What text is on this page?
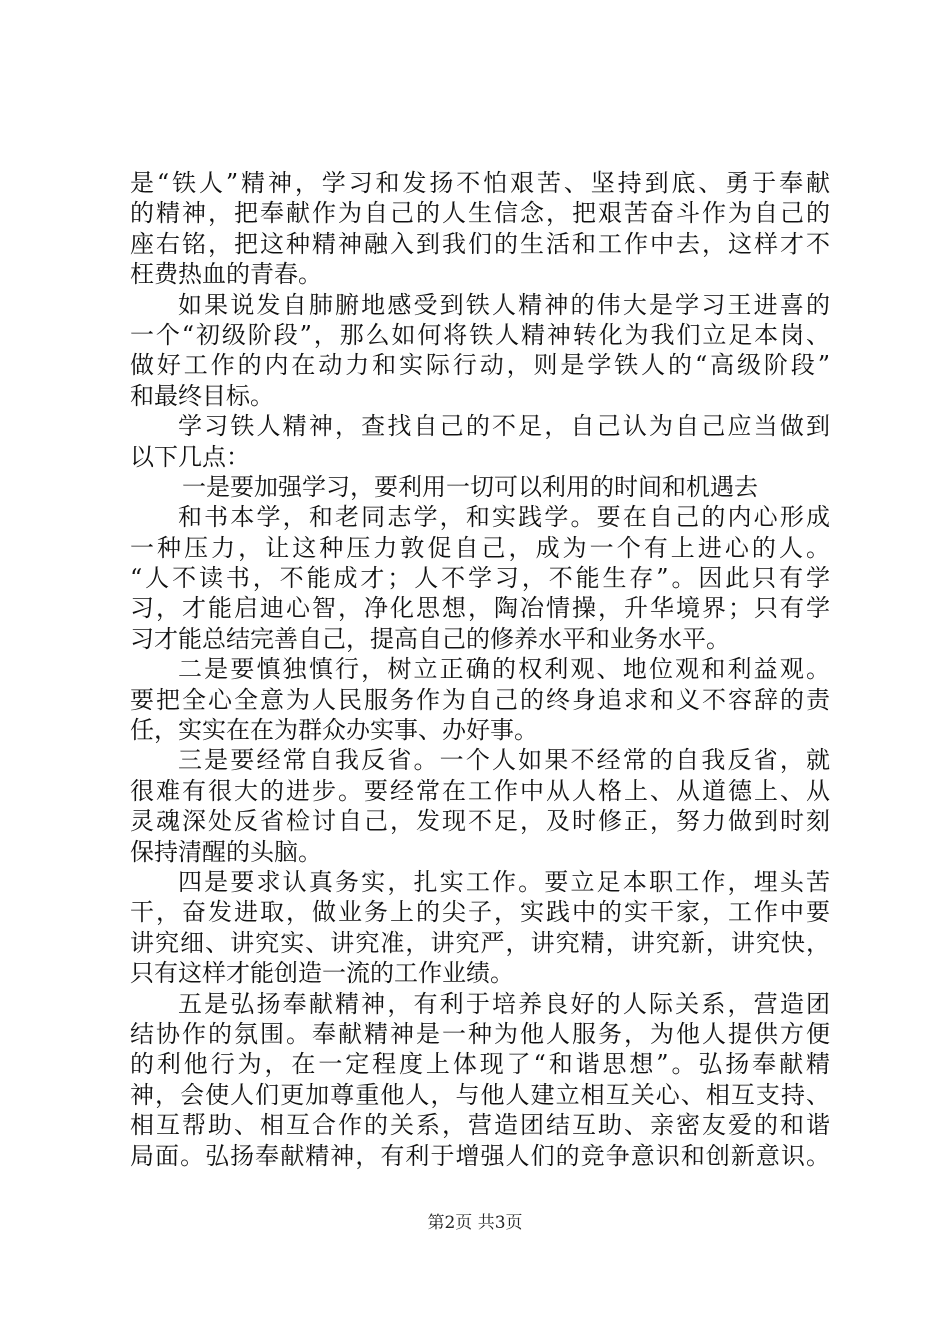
是“铁人”精神，学习和发扬不怕艰苦、坚持到底、勇于奉献
的精神，把奉献作为自己的人生信念，把艰苦奋斗作为自己的
座右铭，把这种精神融入到我们的生活和工作中去，这样才不
枉费热血的青春。
如果说发自肺腑地感受到铁人精神的伟大是学习王进喜的
一个“初级阶段”，那么如何将铁人精神转化为我们立足本岗、
做好工作的内在动力和实际行动，则是学铁人的“高级阶段”
和最终目标。
学习铁人精神，查找自己的不足，自己认为自己应当做到
以下几点：
一是要加强学习，要利用一切可以利用的时间和机遇去
和书本学，和老同志学，和实践学。要在自己的内心形成
一种压力，让这种压力敦促自己，成为一个有上进心的人。
“人不读书，不能成才；人不学习，不能生存”。因此只有学
习，才能启迪心智，净化思想，陶冶情操，升华境界；只有学
习才能总结完善自己，提高自己的修养水平和业务水平。
二是要慎独慎行，树立正确的权利观、地位观和利益观。
要把全心全意为人民服务作为自己的终身追求和义不容辞的责
任，实实在在为群众办实事、办好事。
三是要经常自我反省。一个人如果不经常的自我反省，就
很难有很大的进步。要经常在工作中从人格上、从道德上、从
灵魂深处反省检讨自己，发现不足，及时修正，努力做到时刻
保持清醒的头脑。
四是要求认真务实，扎实工作。要立足本职工作，埋头苦
干，奋发进取，做业务上的尖子，实践中的实干家，工作中要
讲究细、讲究实、讲究准，讲究严，讲究精，讲究新，讲究快，
只有这样才能创造一流的工作业绩。
五是弘扬奉献精神，有利于培养良好的人际关系，营造团
结协作的氛围。奉献精神是一种为他人服务，为他人提供方便
的利他行为，在一定程度上体现了“和谐思想”。弘扬奉献精
神，会使人们更加尊重他人，与他人建立相互关心、相互支持、
相互帮助、相互合作的关系，营造团结互助、亲密友爱的和谐
局面。弘扬奉献精神，有利于增强人们的竞争意识和创新意识。
第2页 共3页
